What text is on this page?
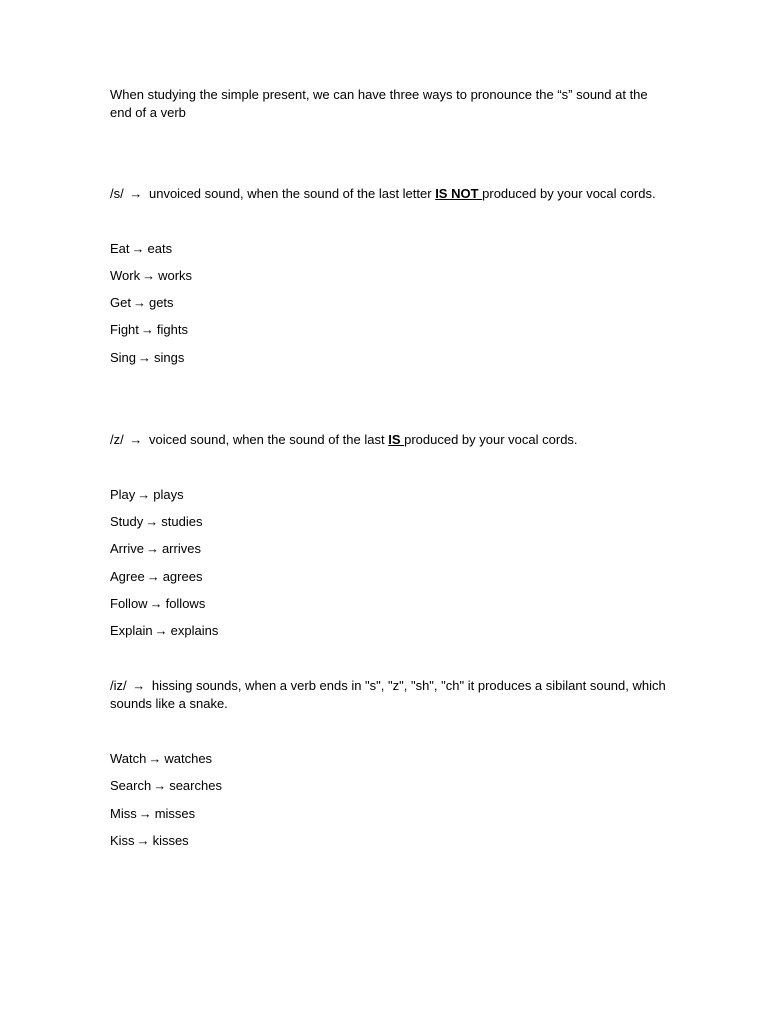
When studying the simple present, we can have three ways to pronounce the “s” sound at the end of a verb
/s/ → unvoiced sound, when the sound of the last letter IS NOT produced by your vocal cords.
Eat → eats
Work → works
Get → gets
Fight → fights
Sing → sings
/z/ → voiced sound, when the sound of the last IS produced by your vocal cords.
Play → plays
Study → studies
Arrive → arrives
Agree → agrees
Follow → follows
Explain → explains
/iz/ → hissing sounds, when a verb ends in "s", "z", "sh", "ch" it produces a sibilant sound, which sounds like a snake.
Watch → watches
Search → searches
Miss → misses
Kiss → kisses
